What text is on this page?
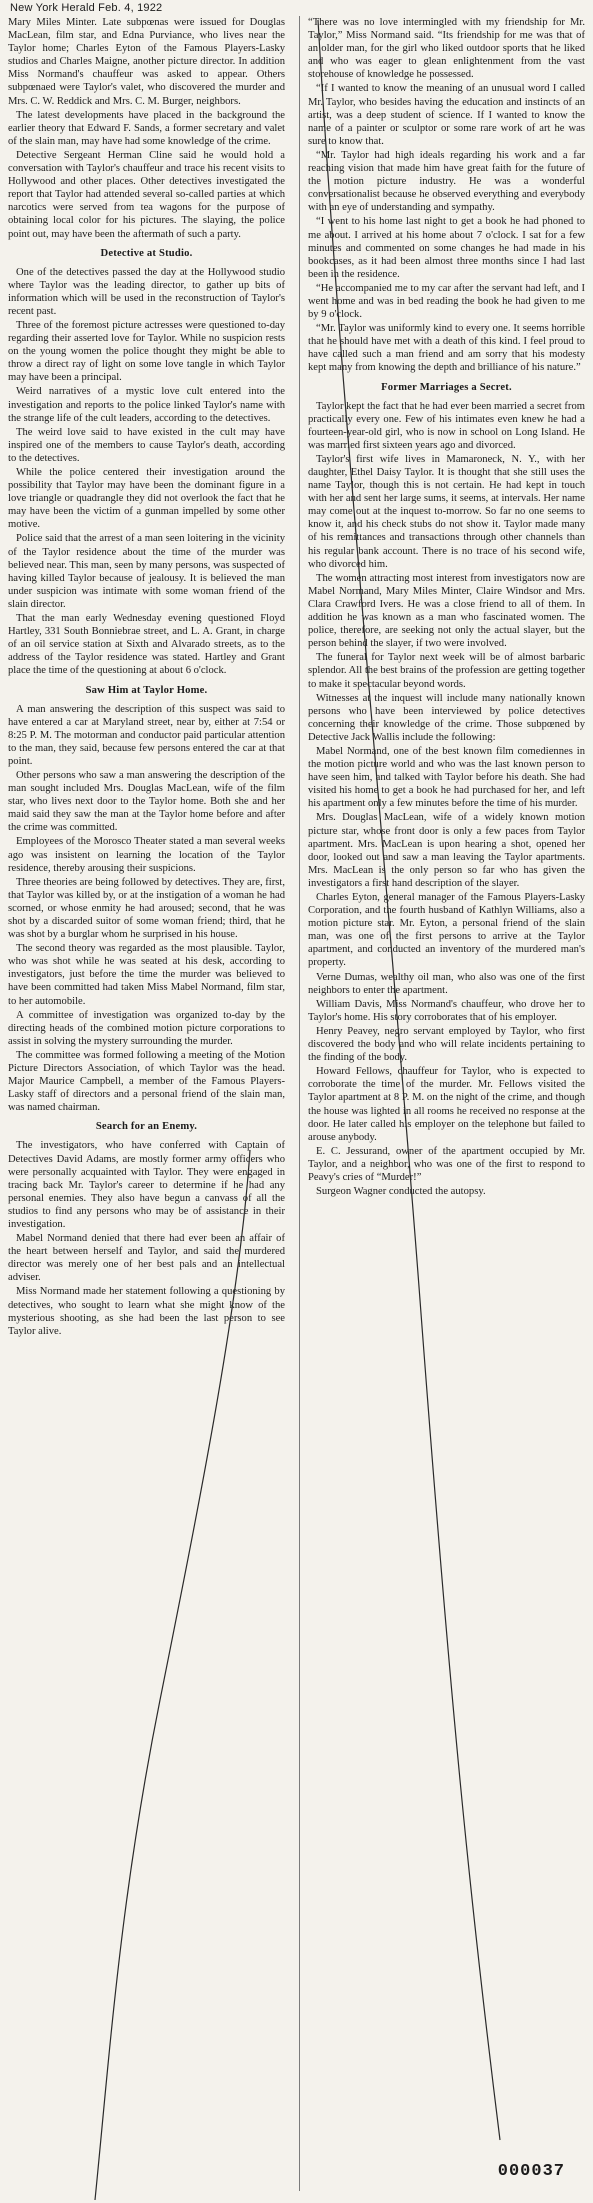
New York Herald Feb. 4, 1922

Mary Miles Minter. Late subpœnas were issued for Douglas MacLean, film star, and Edna Purviance, who lives near the Taylor home; Charles Eyton of the Famous Players-Lasky studios and Charles Maigne, another picture director. In addition Miss Normand's chauffeur was asked to appear. Others subpœnaed were Taylor's valet, who discovered the murder and Mrs. C. W. Reddick and Mrs. C. M. Burger, neighbors.

The latest developments have placed in the background the earlier theory that Edward F. Sands, a former secretary and valet of the slain man, may have had some knowledge of the crime.

Detective Sergeant Herman Cline said he would hold a conversation with Taylor's chauffeur and trace his recent visits to Hollywood and other places. Other detectives investigated the report that Taylor had attended several so-called parties at which narcotics were served from tea wagons for the purpose of obtaining local color for his pictures. The slaying, the police point out, may have been the aftermath of such a party.

Detective at Studio.

One of the detectives passed the day at the Hollywood studio where Taylor was the leading director, to gather up bits of information which will be used in the reconstruction of Taylor's recent past.

Three of the foremost picture actresses were questioned to-day regarding their asserted love for Taylor. While no suspicion rests on the young women the police thought they might be able to throw a direct ray of light on some love tangle in which Taylor may have been a principal.

Weird narratives of a mystic love cult entered into the investigation and reports to the police linked Taylor's name with the strange life of the cult leaders, according to the detectives.

The weird love said to have existed in the cult may have inspired one of the members to cause Taylor's death, according to the detectives.

While the police centered their investigation around the possibility that Taylor may have been the dominant figure in a love triangle or quadrangle they did not overlook the fact that he may have been the victim of a gunman impelled by some other motive.

Police said that the arrest of a man seen loitering in the vicinity of the Taylor residence about the time of the murder was believed near. This man, seen by many persons, was suspected of having killed Taylor because of jealousy. It is believed the man under suspicion was intimate with some woman friend of the slain director.

That the man early Wednesday evening questioned Floyd Hartley, 331 South Bonniebrae street, and L. A. Grant, in charge of an oil service station at Sixth and Alvarado streets, as to the address of the Taylor residence was stated. Hartley and Grant place the time of the questioning at about 6 o'clock.

Saw Him at Taylor Home.

A man answering the description of this suspect was said to have entered a car at Maryland street, near by, either at 7:54 or 8:25 P. M. The motorman and conductor paid particular attention to the man, they said, because few persons entered the car at that point.

Other persons who saw a man answering the description of the man sought included Mrs. Douglas MacLean, wife of the film star, who lives next door to the Taylor home. Both she and her maid said they saw the man at the Taylor home before and after the crime was committed.

Employees of the Morosco Theater stated a man several weeks ago was insistent on learning the location of the Taylor residence, thereby arousing their suspicions.

Three theories are being followed by detectives. They are, first, that Taylor was killed by, or at the instigation of a woman he had scorned, or whose enmity he had aroused; second, that he was shot by a discarded suitor of some woman friend; third, that he was shot by a burglar whom he surprised in his house.

The second theory was regarded as the most plausible. Taylor, who was shot while he was seated at his desk, according to investigators, just before the time the murder was believed to have been committed had taken Miss Mabel Normand, film star, to her automobile.

A committee of investigation was organized to-day by the directing heads of the combined motion picture corporations to assist in solving the mystery surrounding the murder.

The committee was formed following a meeting of the Motion Picture Directors Association, of which Taylor was the head. Major Maurice Campbell, a member of the Famous Players-Lasky staff of directors and a personal friend of the slain man, was named chairman.

Search for an Enemy.

The investigators, who have conferred with Captain of Detectives David Adams, are mostly former army officers who were personally acquainted with Taylor. They were engaged in tracing back Mr. Taylor's career to determine if he had any personal enemies. They also have begun a canvass of all the studios to find any persons who may be of assistance in their investigation.

Mabel Normand denied that there had ever been an affair of the heart between herself and Taylor, and said the murdered director was merely one of her best pals and an intellectual adviser.

Miss Normand made her statement following a questioning by detectives, who sought to learn what she might know of the mysterious shooting, as she had been the last person to see Taylor alive.

“There was no love intermingled with my friendship for Mr. Taylor,” Miss Normand said. “Its friendship for me was that of an older man, for the girl who liked outdoor sports that he liked and who was eager to glean enlightenment from the vast storehouse of knowledge he possessed.

“If I wanted to know the meaning of an unusual word I called Mr. Taylor, who besides having the education and instincts of an artist, was a deep student of science. If I wanted to know the name of a painter or sculptor or some rare work of art he was sure to know that.

“Mr. Taylor had high ideals regarding his work and a far reaching vision that made him have great faith for the future of the motion picture industry. He was a wonderful conversationalist because he observed everything and everybody with an eye of understanding and sympathy.

“I went to his home last night to get a book he had phoned to me about. I arrived at his home about 7 o'clock. I sat for a few minutes and commented on some changes he had made in his bookcases, as it had been almost three months since I had last been in the residence.

“He accompanied me to my car after the servant had left, and I went home and was in bed reading the book he had given to me by 9 o'clock.

“Mr. Taylor was uniformly kind to every one. It seems horrible that he should have met with a death of this kind. I feel proud to have called such a man friend and am sorry that his modesty kept many from knowing the depth and brilliance of his nature.”

Former Marriages a Secret.

Taylor kept the fact that he had ever been married a secret from practically every one. Few of his intimates even knew he had a fourteen-year-old girl, who is now in school on Long Island. He was married first sixteen years ago and divorced.

Taylor's first wife lives in Mamaroneck, N. Y., with her daughter, Ethel Daisy Taylor. It is thought that she still uses the name Taylor, though this is not certain. He had kept in touch with her and sent her large sums, it seems, at intervals. Her name may come out at the inquest to-morrow. So far no one seems to know it, and his check stubs do not show it. Taylor made many of his remittances and transactions through other channels than his regular bank account. There is no trace of his second wife, who divorced him.

The women attracting most interest from investigators now are Mabel Normand, Mary Miles Minter, Claire Windsor and Mrs. Clara Crawford Ivers. He was a close friend to all of them. In addition he was known as a man who fascinated women. The police, therefore, are seeking not only the actual slayer, but the person behind the slayer, if two were involved.

The funeral for Taylor next week will be of almost barbaric splendor. All the best brains of the profession are getting together to make it spectacular beyond words.

Witnesses at the inquest will include many nationally known persons who have been interviewed by police detectives concerning their knowledge of the crime. Those subpœned by Detective Jack Wallis include the following:

Mabel Normand, one of the best known film comediennes in the motion picture world and who was the last known person to have seen him, and talked with Taylor before his death. She had visited his home to get a book he had purchased for her, and left his apartment only a few minutes before the time of his murder.

Mrs. Douglas MacLean, wife of a widely known motion picture star, whose front door is only a few paces from Taylor apartment. Mrs. MacLean is upon hearing a shot, opened her door, looked out and saw a man leaving the Taylor apartments. Mrs. MacLean is the only person so far who has given the investigators a first hand description of the slayer.

Charles Eyton, general manager of the Famous Players-Lasky Corporation, and the fourth husband of Kathlyn Williams, also a motion picture star. Mr. Eyton, a personal friend of the slain man, was one of the first persons to arrive at the Taylor apartment, and conducted an inventory of the murdered man's property.

Verne Dumas, wealthy oil man, who also was one of the first neighbors to enter the apartment.

William Davis, Miss Normand's chauffeur, who drove her to Taylor's home. His story corroborates that of his employer.

Henry Peavey, negro servant employed by Taylor, who first discovered the body and who will relate incidents pertaining to the finding of the body.

Howard Fellows, chauffeur for Taylor, who is expected to corroborate the time of the murder. Mr. Fellows visited the Taylor apartment at 8 P. M. on the night of the crime, and though the house was lighted in all rooms he received no response at the door. He later called his employer on the telephone but failed to arouse anybody.

E. C. Jessurand, owner of the apartment occupied by Mr. Taylor, and a neighbor, who was one of the first to respond to Peavy's cries of “Murder!”

Surgeon Wagner conducted the autopsy.

000037
